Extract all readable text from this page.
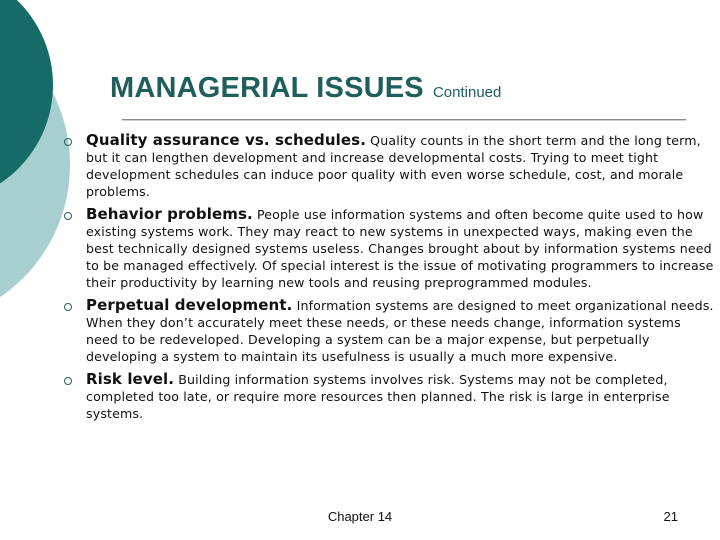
MANAGERIAL ISSUES Continued
Quality assurance vs. schedules. Quality counts in the short term and the long term, but it can lengthen development and increase developmental costs. Trying to meet tight development schedules can induce poor quality with even worse schedule, cost, and morale problems.
Behavior problems. People use information systems and often become quite used to how existing systems work. They may react to new systems in unexpected ways, making even the best technically designed systems useless. Changes brought about by information systems need to be managed effectively. Of special interest is the issue of motivating programmers to increase their productivity by learning new tools and reusing preprogrammed modules.
Perpetual development. Information systems are designed to meet organizational needs. When they don’t accurately meet these needs, or these needs change, information systems need to be redeveloped. Developing a system can be a major expense, but perpetually developing a system to maintain its usefulness is usually a much more expensive.
Risk level. Building information systems involves risk. Systems may not be completed, completed too late, or require more resources then planned. The risk is large in enterprise systems.
Chapter 14	21
